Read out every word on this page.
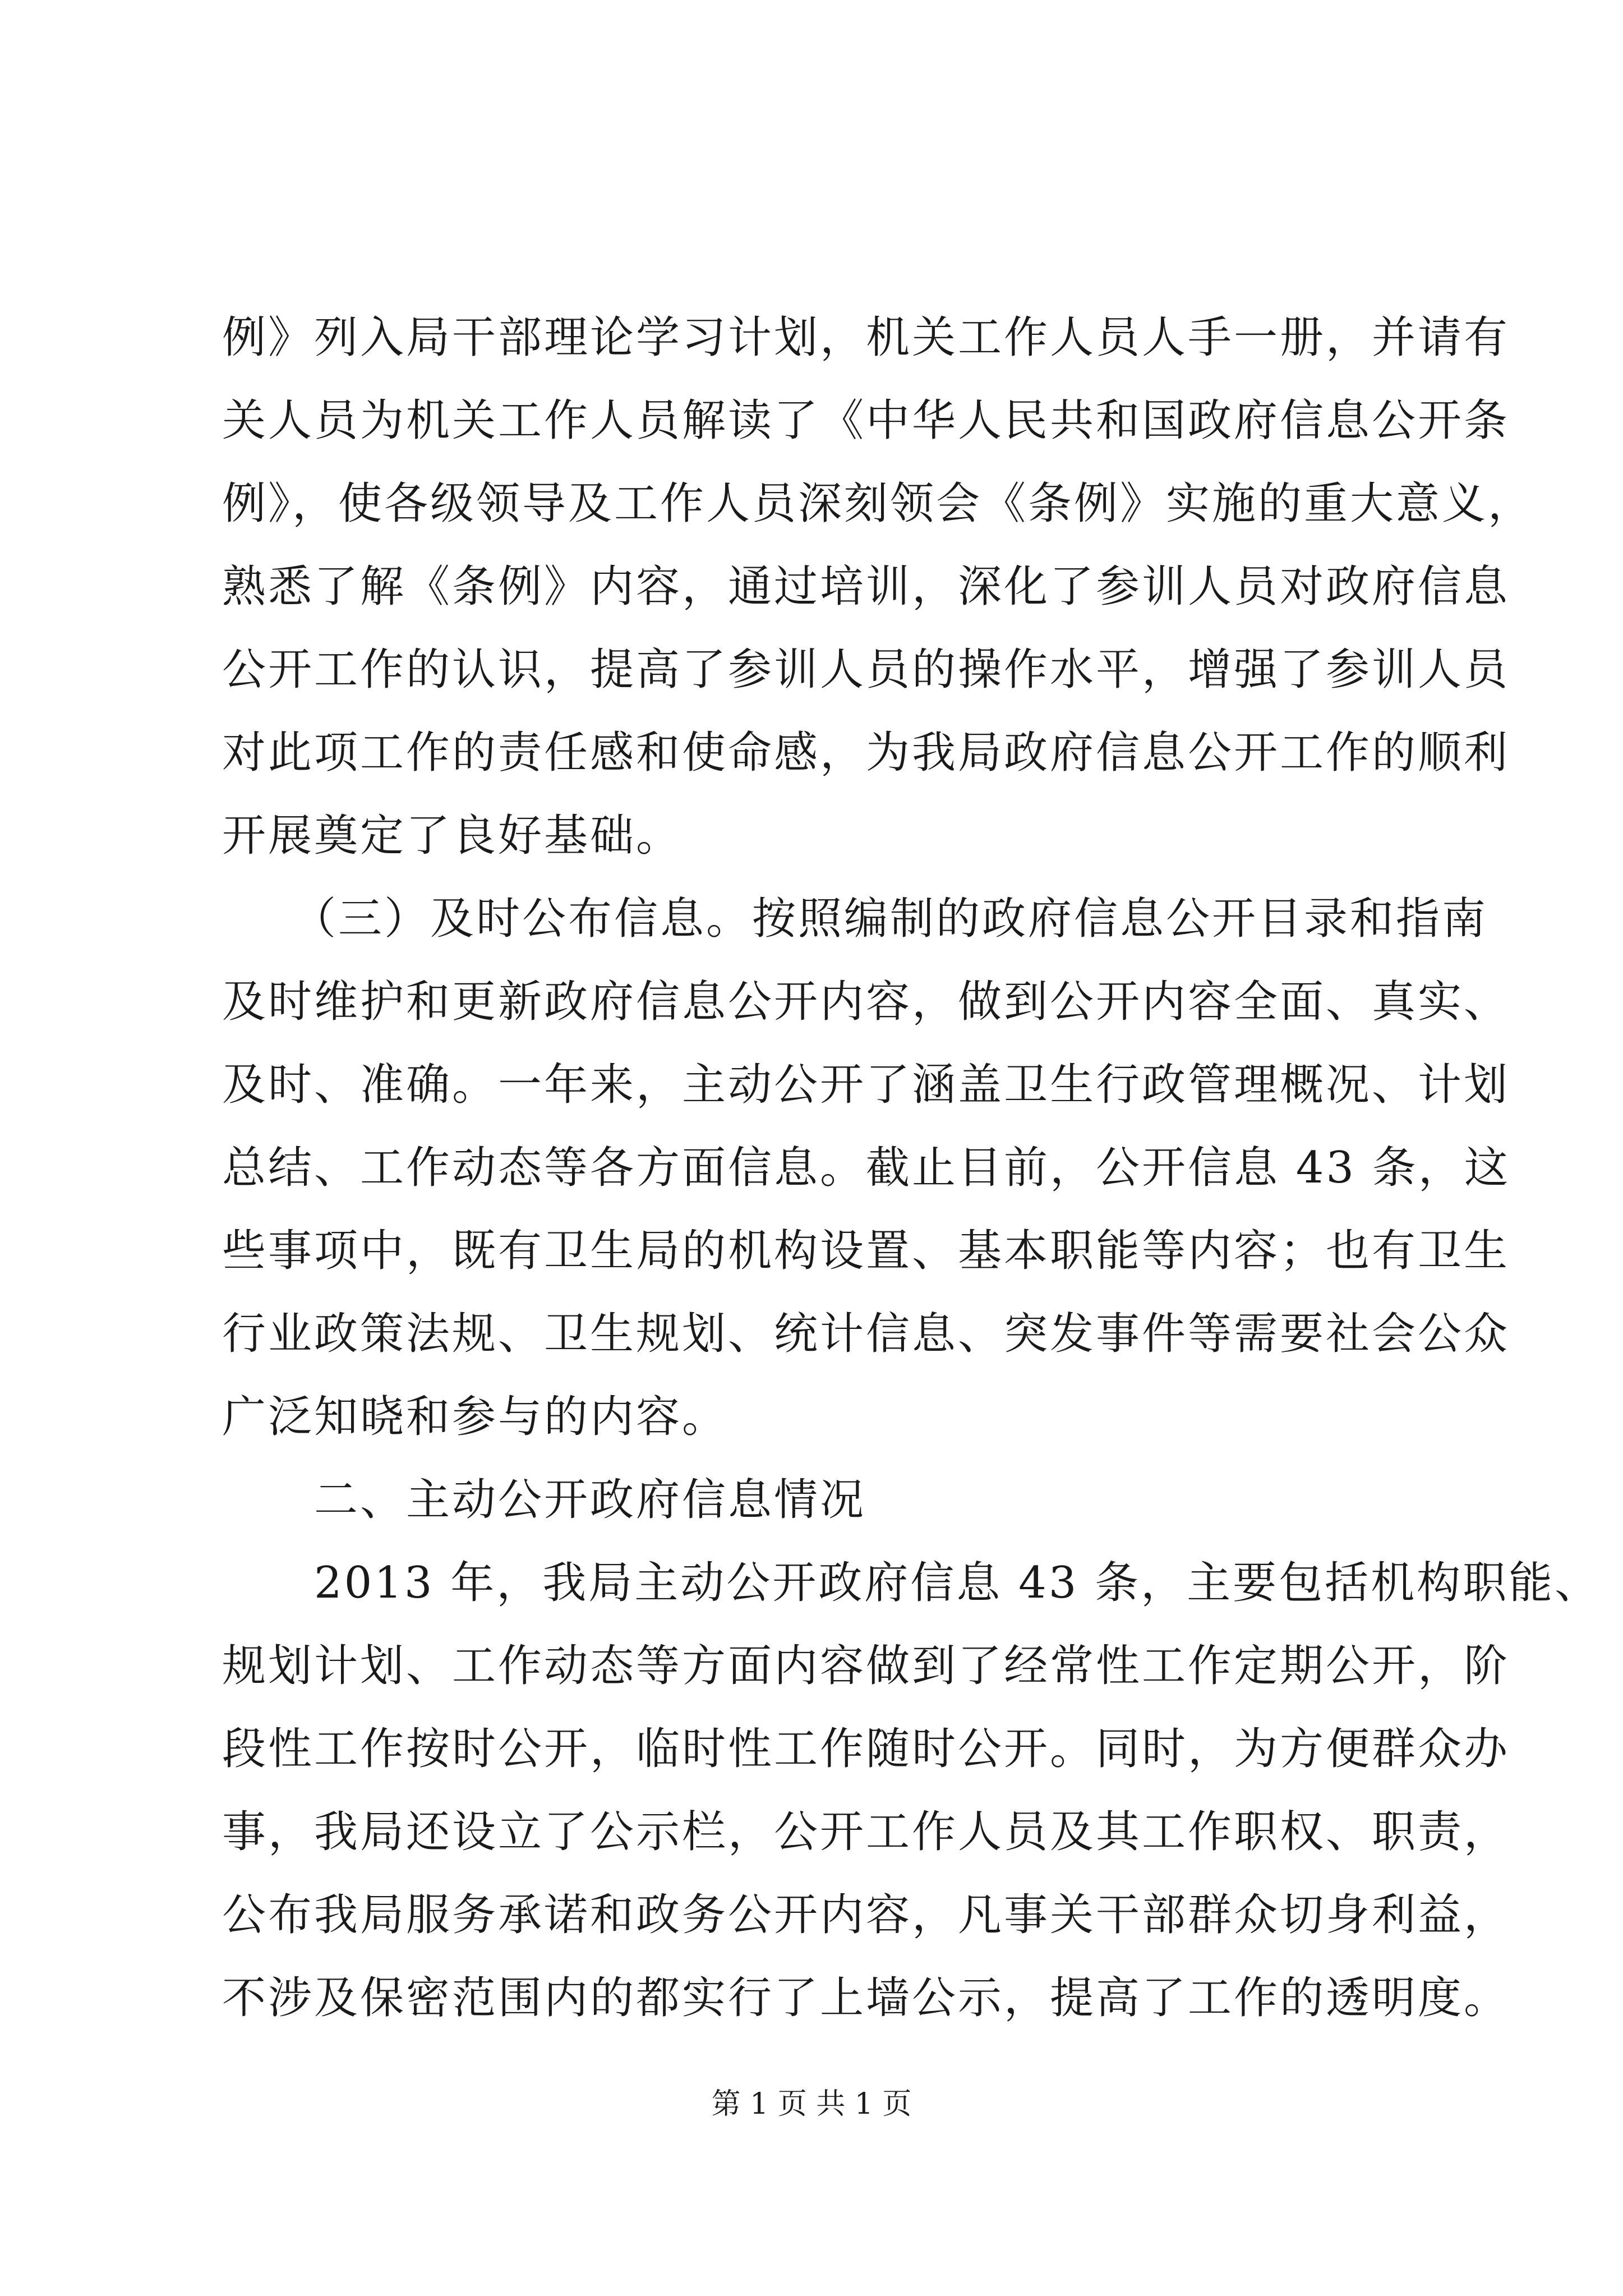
例》列入局干部理论学习计划，机关工作人员人手一册，并请有
关人员为机关工作人员解读了《中华人民共和国政府信息公开条
例》，使各级领导及工作人员深刻领会《条例》实施的重大意义，
熟悉了解《条例》内容，通过培训，深化了参训人员对政府信息
公开工作的认识，提高了参训人员的操作水平，增强了参训人员
对此项工作的责任感和使命感，为我局政府信息公开工作的顺利
开展奠定了良好基础。
　　（三）及时公布信息。按照编制的政府信息公开目录和指南
及时维护和更新政府信息公开内容，做到公开内容全面、真实、
及时、准确。一年来，主动公开了涵盖卫生行政管理概况、计划
总结、工作动态等各方面信息。截止目前，公开信息 43 条，这
些事项中，既有卫生局的机构设置、基本职能等内容；也有卫生
行业政策法规、卫生规划、统计信息、突发事件等需要社会公众
广泛知晓和参与的内容。
　　二、主动公开政府信息情况
　　2013 年，我局主动公开政府信息 43 条，主要包括机构职能、
规划计划、工作动态等方面内容做到了经常性工作定期公开，阶
段性工作按时公开，临时性工作随时公开。同时，为方便群众办
事，我局还设立了公示栏，公开工作人员及其工作职权、职责，
公布我局服务承诺和政务公开内容，凡事关干部群众切身利益，
不涉及保密范围内的都实行了上墙公示，提高了工作的透明度。
第 1 页 共 1 页
